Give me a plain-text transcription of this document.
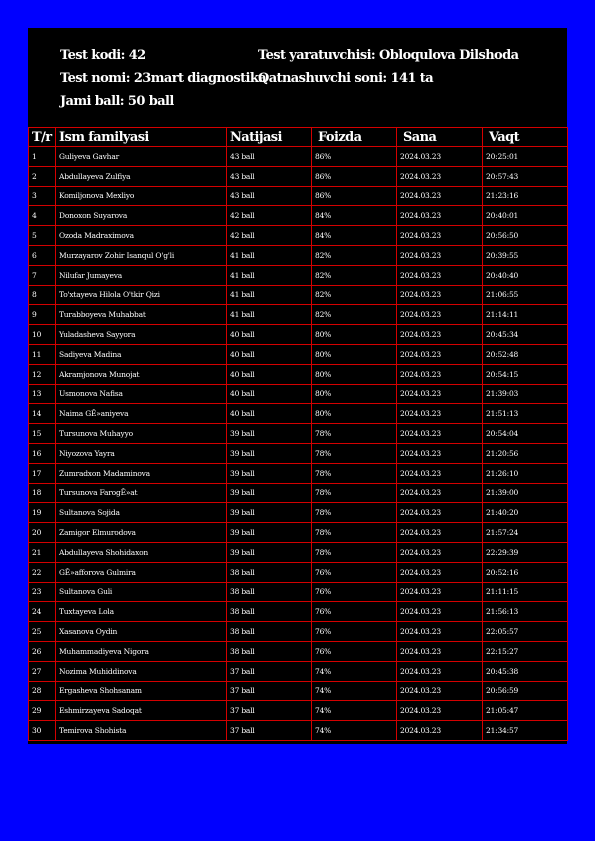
Test kodi: 42
Test nomi: 23mart diagnostika
Jami ball: 50 ball
Test yaratuvchisi: Obloqulova Dilshoda
Qatnashuvchi soni: 141 ta
T/r	Ism familyasi	Natijasi	Foizda	Sana	Vaqt
1	Guliyeva Gavhar	43 ball	86%	2024.03.23	20:25:01
2	Abdullayeva Zulfiya	43 ball	86%	2024.03.23	20:57:43
3	Komiljonova Mexliyo	43 ball	86%	2024.03.23	21:23:16
4	Donoxon Suyarova	42 ball	84%	2024.03.23	20:40:01
5	Ozoda Madraximova	42 ball	84%	2024.03.23	20:56:50
6	Murzayarov Zohir Isanqul O'g'li	41 ball	82%	2024.03.23	20:39:55
7	Nilufar Jumayeva	41 ball	82%	2024.03.23	20:40:40
8	To'xtayeva Hilola O'tkir Qizi	41 ball	82%	2024.03.23	21:06:55
9	Turabboyeva Muhabbat	41 ball	82%	2024.03.23	21:14:11
10	Yuladasheva Sayyora	40 ball	80%	2024.03.23	20:45:34
11	Sadiyeva Madina	40 ball	80%	2024.03.23	20:52:48
12	Akramjonova Munojat	40 ball	80%	2024.03.23	20:54:15
13	Usmonova Nafisa	40 ball	80%	2024.03.23	21:39:03
14	Naima GÊ»aniyeva	40 ball	80%	2024.03.23	21:51:13
15	Tursunova Muhayyo	39 ball	78%	2024.03.23	20:54:04
16	Niyozova Yayra	39 ball	78%	2024.03.23	21:20:56
17	Zumradxon Madaminova	39 ball	78%	2024.03.23	21:26:10
18	Tursunova FarogÊ»at	39 ball	78%	2024.03.23	21:39:00
19	Sultanova Sojida	39 ball	78%	2024.03.23	21:40:20
20	Zamigor Elmurodova	39 ball	78%	2024.03.23	21:57:24
21	Abdullayeva Shohidaxon	39 ball	78%	2024.03.23	22:29:39
22	GÊ»afforova Gulmira	38 ball	76%	2024.03.23	20:52:16
23	Sultanova Guli	38 ball	76%	2024.03.23	21:11:15
24	Tuxtayeva Lola	38 ball	76%	2024.03.23	21:56:13
25	Xasanova Oydin	38 ball	76%	2024.03.23	22:05:57
26	Muhammadiyeva Nigora	38 ball	76%	2024.03.23	22:15:27
27	Nozima Muhiddinova	37 ball	74%	2024.03.23	20:45:38
28	Ergasheva Shohsanam	37 ball	74%	2024.03.23	20:56:59
29	Eshmirzayeva Sadoqat	37 ball	74%	2024.03.23	21:05:47
30	Temirova Shohista	37 ball	74%	2024.03.23	21:34:57
